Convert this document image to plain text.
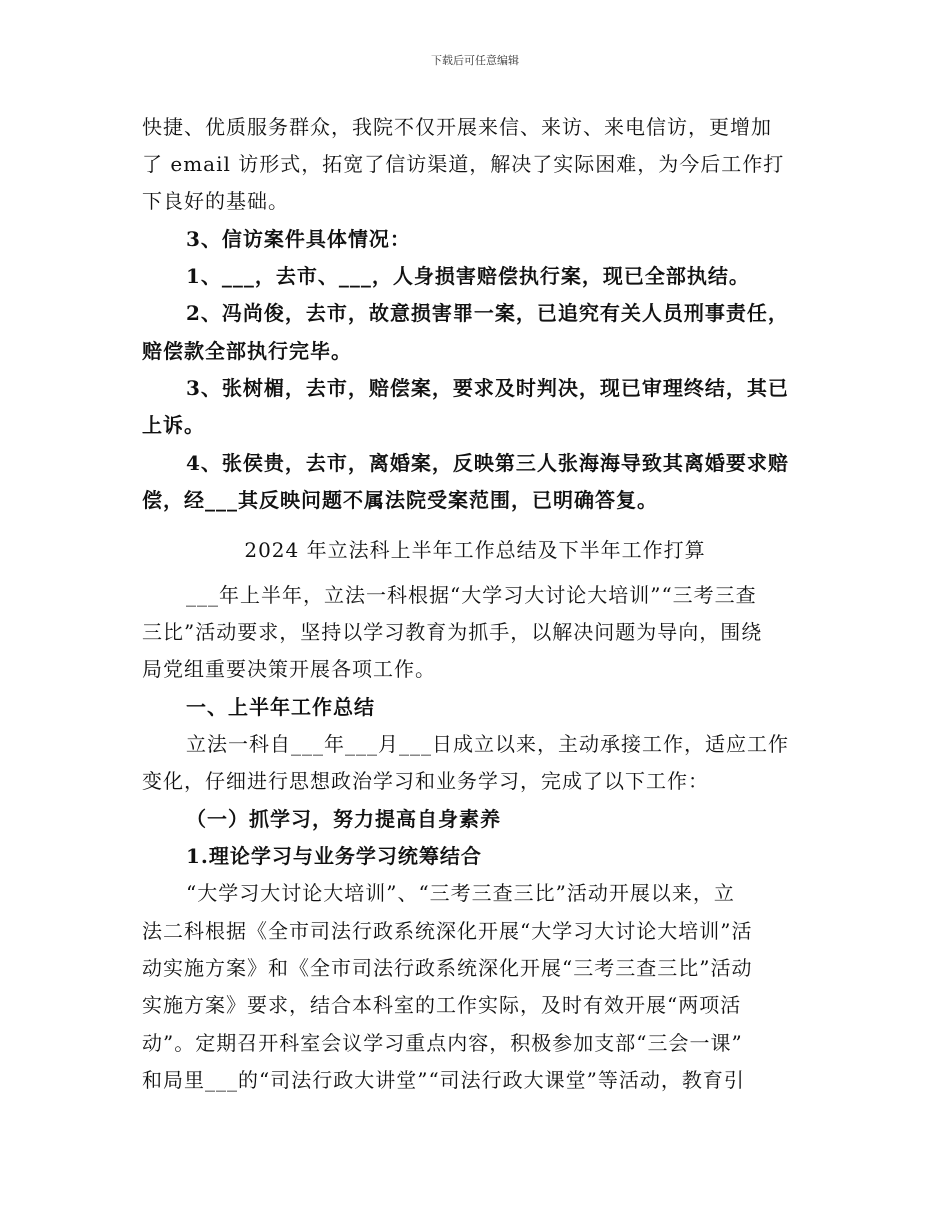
下载后可任意编辑
快捷、优质服务群众，我院不仅开展来信、来访、来电信访，更增加
了 email 访形式，拓宽了信访渠道，解决了实际困难，为今后工作打
下良好的基础。
3、信访案件具体情况：
1、___，去市、___，人身损害赔偿执行案，现已全部执结。
2、冯尚俊，去市，故意损害罪一案，已追究有关人员刑事责任，
赔偿款全部执行完毕。
3、张树楣，去市，赔偿案，要求及时判决，现已审理终结，其已
上诉。
4、张侯贵，去市，离婚案，反映第三人张海海导致其离婚要求赔
偿，经___其反映问题不属法院受案范围，已明确答复。
2024 年立法科上半年工作总结及下半年工作打算
___年上半年，立法一科根据“大学习大讨论大培训”“三考三查
三比”活动要求，坚持以学习教育为抓手，以解决问题为导向，围绕
局党组重要决策开展各项工作。
一、上半年工作总结
立法一科自___年___月___日成立以来，主动承接工作，适应工作
变化，仔细进行思想政治学习和业务学习，完成了以下工作：
（一）抓学习，努力提高自身素养
1.理论学习与业务学习统筹结合
“大学习大讨论大培训”、“三考三查三比”活动开展以来，立
法二科根据《全市司法行政系统深化开展“大学习大讨论大培训”活
动实施方案》和《全市司法行政系统深化开展“三考三查三比”活动
实施方案》要求，结合本科室的工作实际，及时有效开展“两项活
动”。定期召开科室会议学习重点内容，积极参加支部“三会一课”
和局里___的“司法行政大讲堂”“司法行政大课堂”等活动，教育引
